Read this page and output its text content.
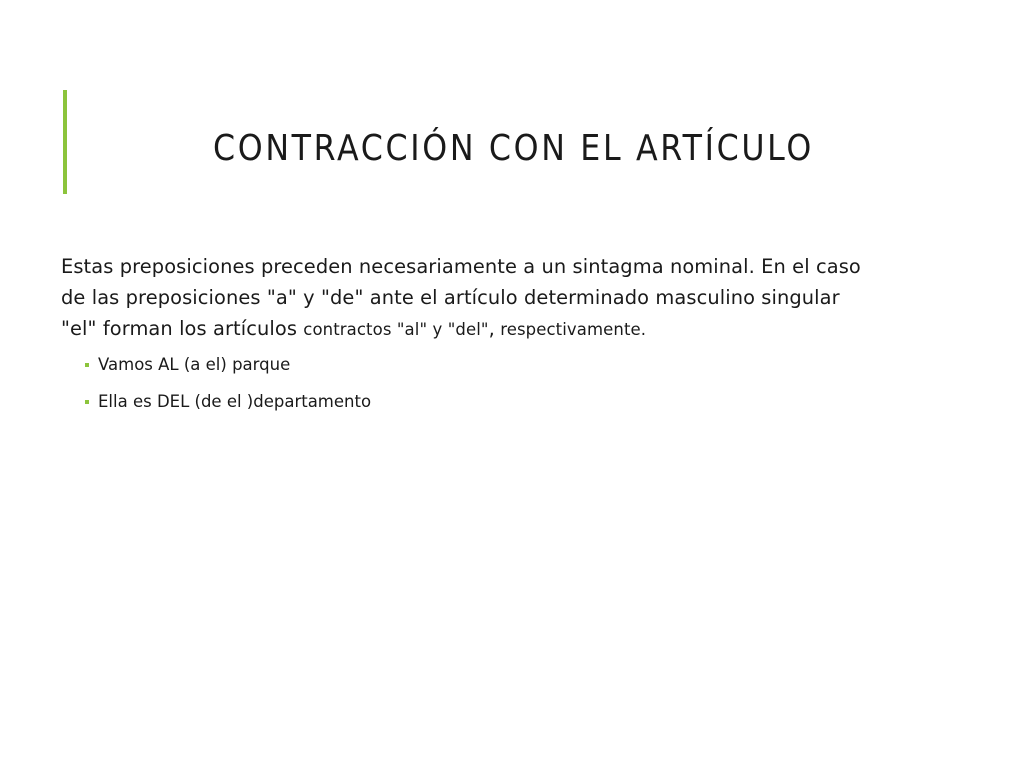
CONTRACCIÓN CON EL ARTÍCULO

Estas preposiciones preceden necesariamente a un sintagma nominal. En el caso
de las preposiciones "a" y "de" ante el artículo determinado masculino singular
"el" forman los artículos contractos "al" y "del", respectivamente.

Vamos AL (a el) parque
Ella es DEL (de el )departamento
